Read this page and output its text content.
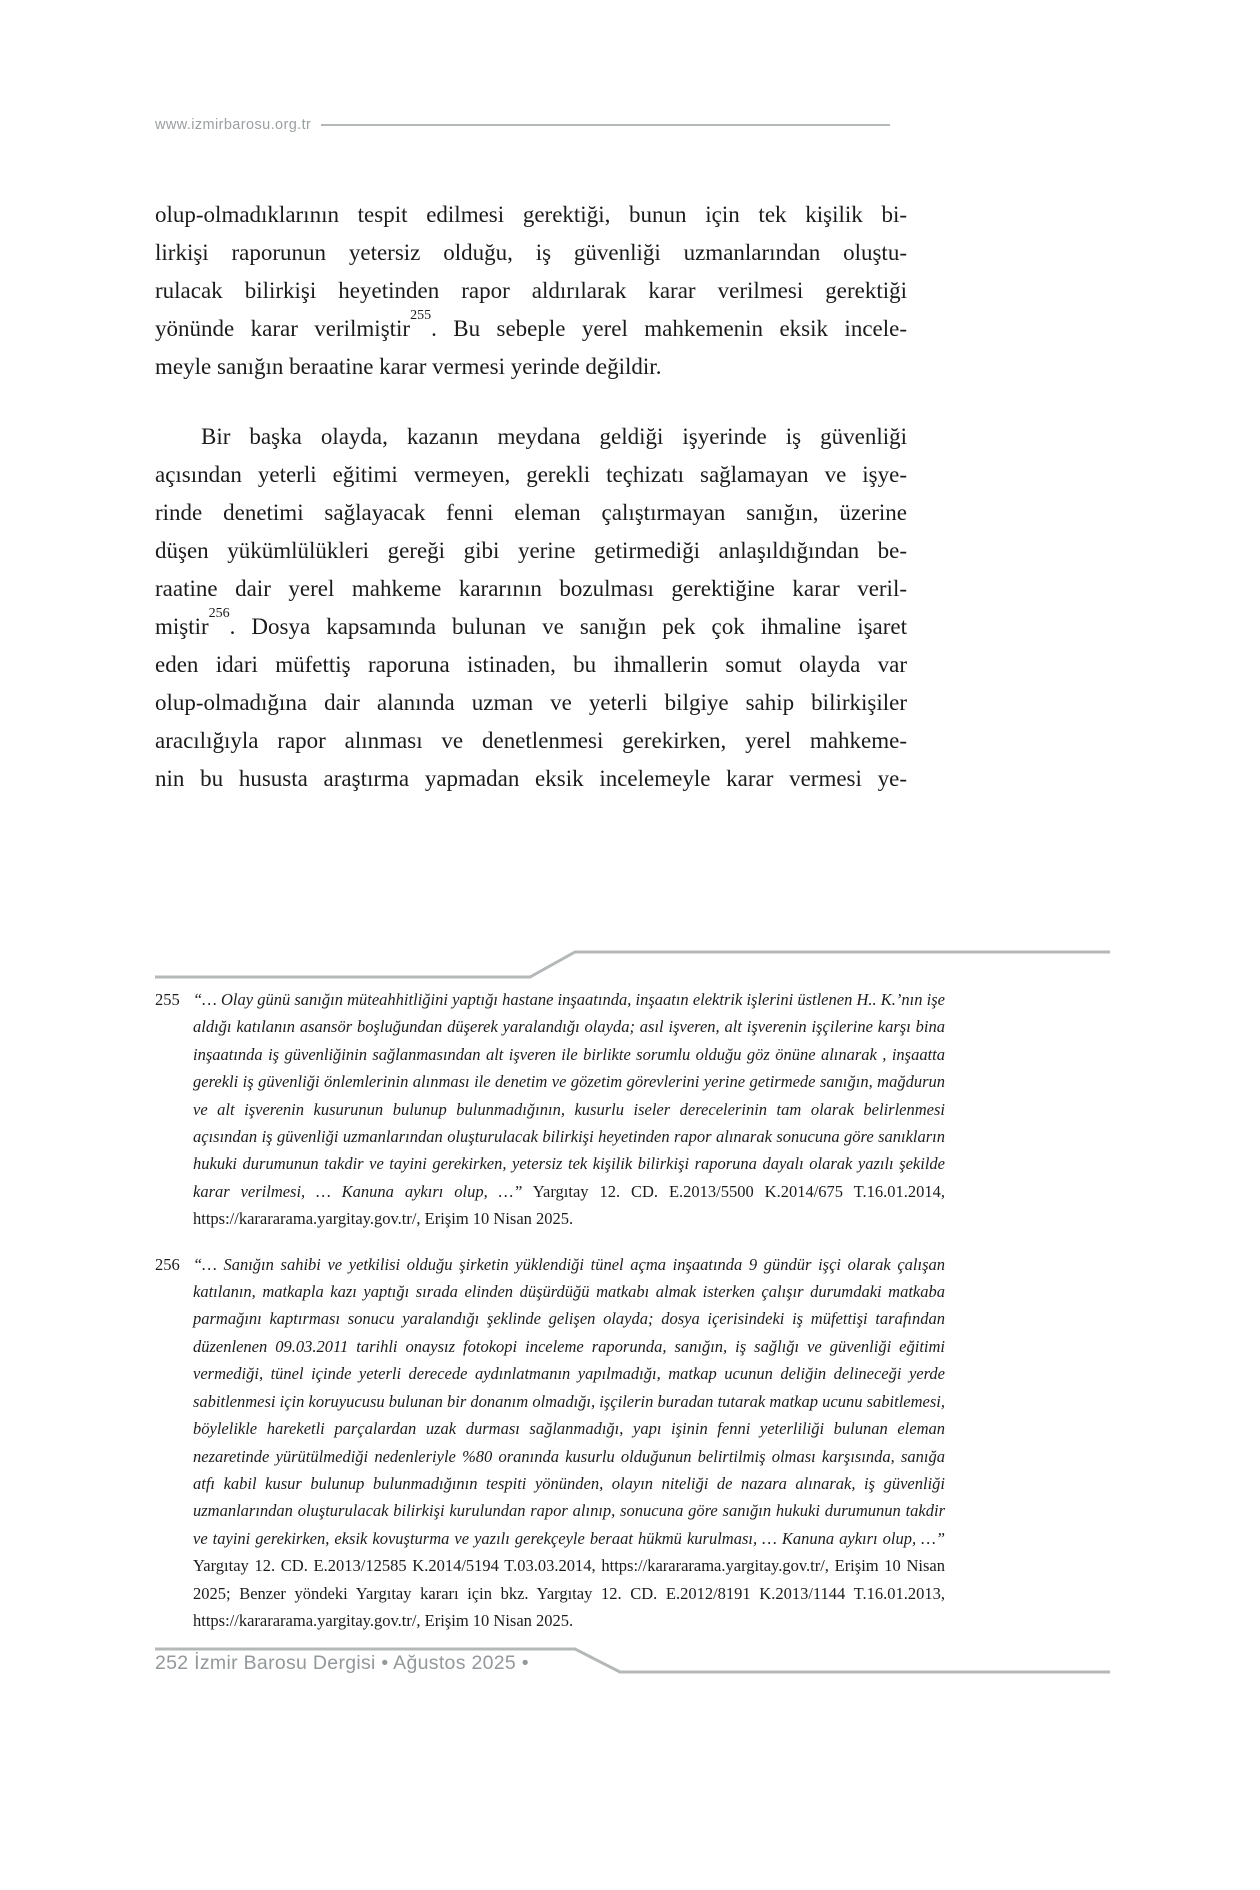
www.izmirbarosu.org.tr
olup-olmadıklarının tespit edilmesi gerektiği, bunun için tek kişilik bi-
lirkişi raporunun yetersiz olduğu, iş güvenliği uzmanlarından oluştu-
rulacak bilirkişi heyetinden rapor aldırılarak karar verilmesi gerektiği
yönünde karar verilmiştir$^{255}$. Bu sebeple yerel mahkemenin eksik incele-
meyle sanığın beraatine karar vermesi yerinde değildir.
Bir başka olayda, kazanın meydana geldiği işyerinde iş güvenliği
açısından yeterli eğitimi vermeyen, gerekli teçhizatı sağlamayan ve işye-
rinde denetimi sağlayacak fenni eleman çalıştırmayan sanığın, üzerine
düşen yükümlülükleri gereği gibi yerine getirmediği anlaşıldığından be-
raatine dair yerel mahkeme kararının bozulması gerektiğine karar veril-
miştir$^{256}$. Dosya kapsamında bulunan ve sanığın pek çok ihmaline işaret
eden idari müfettiş raporuna istinaden, bu ihmallerin somut olayda var
olup-olmadığına dair alanında uzman ve yeterli bilgiye sahip bilirkişiler
aracılığıyla rapor alınması ve denetlenmesi gerekirken, yerel mahkeme-
nin bu hususta araştırma yapmadan eksik incelemeyle karar vermesi ye-
255 “… Olay günü sanığın müteahhitliğini yaptığı hastane inşaatında, inşaatın elektrik işlerini üstlenen H.. K.’nın işe aldığı katılanın asansör boşluğundan düşerek yaralandığı olayda; asıl işveren, alt işverenin işçilerine karşı bina inşaatında iş güvenliğinin sağlanmasından alt işveren ile birlikte sorumlu olduğu göz önüne alınarak , inşaatta gerekli iş güvenliği önlemlerinin alınması ile denetim ve gözetim görevlerini yerine getirmede sanığın, mağdurun ve alt işverenin kusurunun bulunup bulunmadığının, kusurlu iseler derecelerinin tam olarak belirlenmesi açısından iş güvenliği uzmanlarından oluşturulacak bilirkişi heyetinden rapor alınarak sonucuna göre sanıkların hukuki durumunun takdir ve tayini gerekirken, yetersiz tek kişilik bilirkişi raporuna dayalı olarak yazılı şekilde karar verilmesi, … Kanuna aykırı olup, …” Yargıtay 12. CD. E.2013/5500 K.2014/675 T.16.01.2014, https://karararama.yargitay.gov.tr/, Erişim 10 Nisan 2025.
256 “… Sanığın sahibi ve yetkilisi olduğu şirketin yüklendiği tünel açma inşaatında 9 gündür işçi olarak çalışan katılanın, matkapla kazı yaptığı sırada elinden düşürdüğü matkabı almak isterken çalışır durumdaki matkaba parmağını kaptırması sonucu yaralandığı şeklinde gelişen olayda; dosya içerisindeki iş müfettişi tarafından düzenlenen 09.03.2011 tarihli onaysız fotokopi inceleme raporunda, sanığın, iş sağlığı ve güvenliği eğitimi vermediği, tünel içinde yeterli derecede aydınlatmanın yapılmadığı, matkap ucunun deliğin delineceği yerde sabitlenmesi için koruyucusu bulunan bir donanım olmadığı, işçilerin buradan tutarak matkap ucunu sabitlemesi, böylelikle hareketli parçalardan uzak durması sağlanmadığı, yapı işinin fenni yeterliliği bulunan eleman nezaretinde yürütülmediği nedenleriyle %80 oranında kusurlu olduğunun belirtilmiş olması karşısında, sanığa atfı kabil kusur bulunup bulunmadığının tespiti yönünden, olayın niteliği de nazara alınarak, iş güvenliği uzmanlarından oluşturulacak bilirkişi kurulundan rapor alınıp, sonucuna göre sanığın hukuki durumunun takdir ve tayini gerekirken, eksik kovuşturma ve yazılı gerekçeyle beraat hükmü kurulması, … Kanuna aykırı olup, …” Yargıtay 12. CD. E.2013/12585 K.2014/5194 T.03.03.2014, https://karararama.yargitay.gov.tr/, Erişim 10 Nisan 2025; Benzer yöndeki Yargıtay kararı için bkz. Yargıtay 12. CD. E.2012/8191 K.2013/1144 T.16.01.2013, https://karararama.yargitay.gov.tr/, Erişim 10 Nisan 2025.
252 İzmir Barosu Dergisi • Ağustos 2025 •
